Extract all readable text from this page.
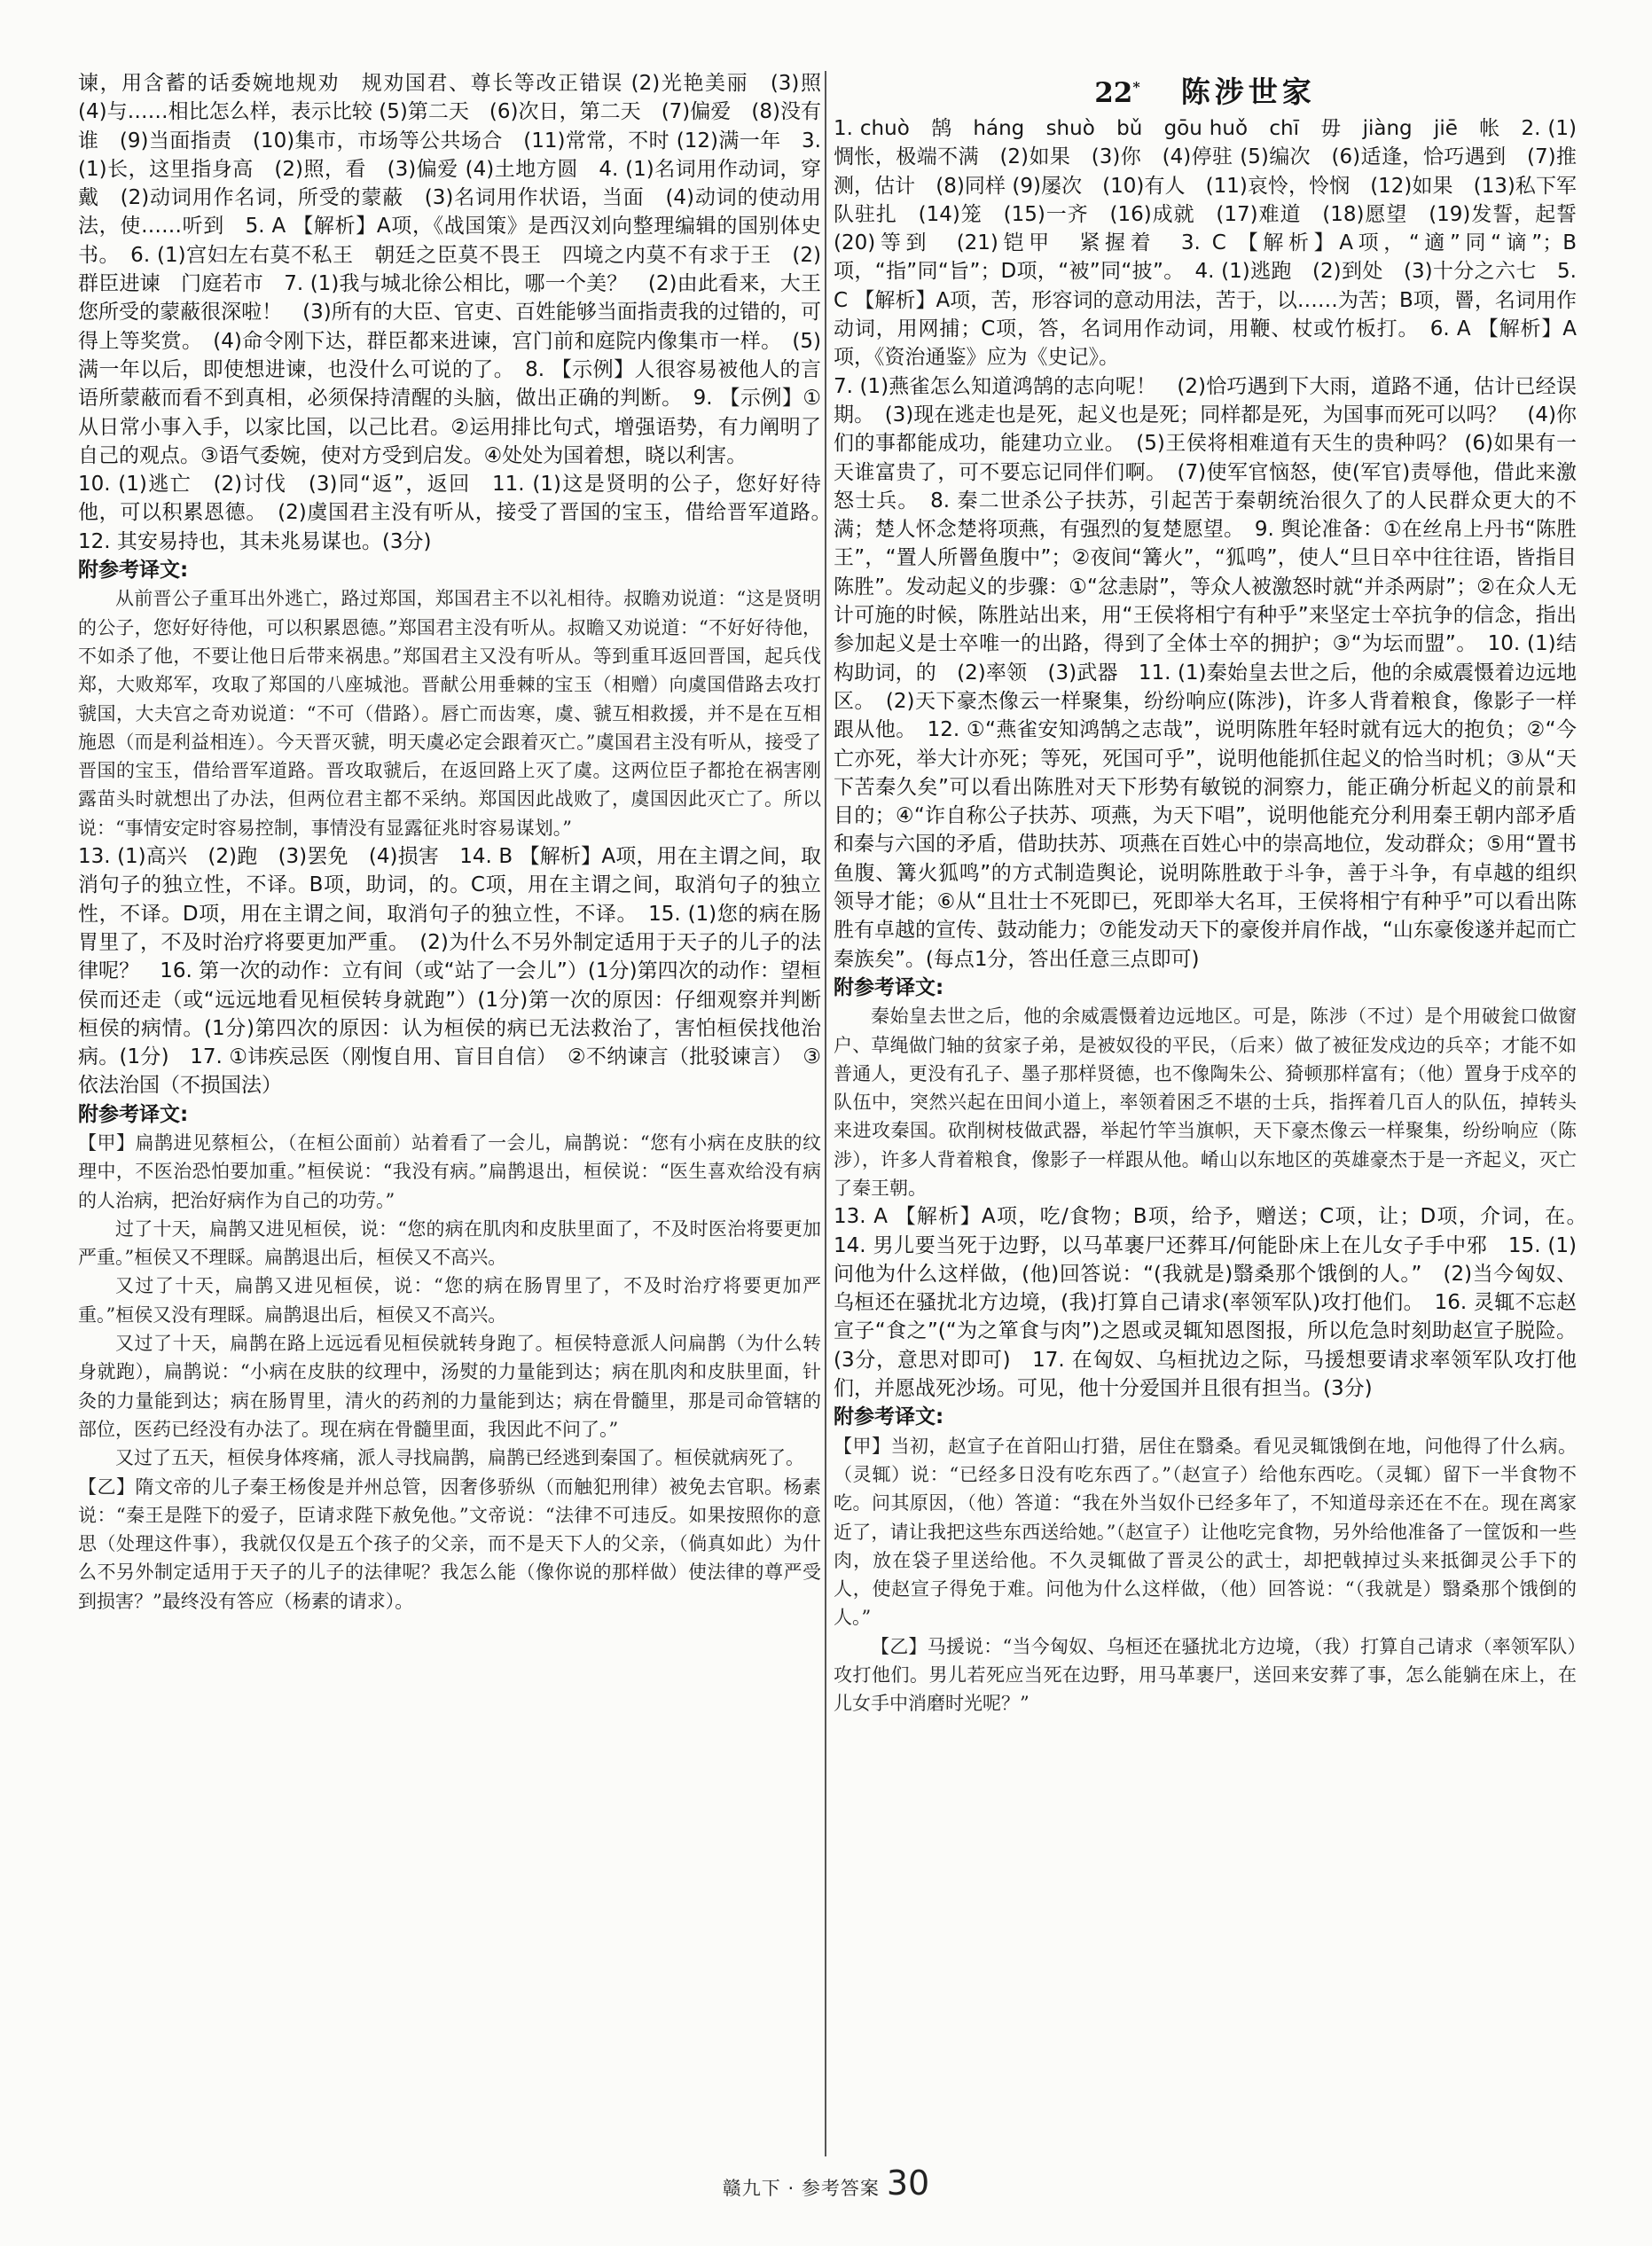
谏，用含蓄的话委婉地规劝　规劝国君、尊长等改正错误 (2)光艳美丽　(3)照　(4)与……相比怎么样，表示比较 (5)第二天　(6)次日，第二天　(7)偏爱　(8)没有谁　(9)当面指责　(10)集市，市场等公共场合　(11)常常，不时 (12)满一年　3. (1)长，这里指身高　(2)照，看　(3)偏爱 (4)土地方圆　4. (1)名词用作动词，穿戴　(2)动词用作名词，所受的蒙蔽　(3)名词用作状语，当面　(4)动词的使动用法，使……听到　5. A 【解析】A项，《战国策》是西汉刘向整理编辑的国别体史书。　6. (1)宫妇左右莫不私王　朝廷之臣莫不畏王　四境之内莫不有求于王　(2)群臣进谏　门庭若市　7. (1)我与城北徐公相比，哪一个美？　(2)由此看来，大王您所受的蒙蔽很深啦！　(3)所有的大臣、官吏、百姓能够当面指责我的过错的，可得上等奖赏。　(4)命令刚下达，群臣都来进谏，宫门前和庭院内像集市一样。　(5)满一年以后，即使想进谏，也没什么可说的了。　8. 【示例】人很容易被他人的言语所蒙蔽而看不到真相，必须保持清醒的头脑，做出正确的判断。　9. 【示例】①从日常小事入手，以家比国，以己比君。②运用排比句式，增强语势，有力阐明了自己的观点。③语气委婉，使对方受到启发。④处处为国着想，晓以利害。

10. (1)逃亡　(2)讨伐　(3)同“返”，返回　11. (1)这是贤明的公子，您好好待他，可以积累恩德。　(2)虞国君主没有听从，接受了晋国的宝玉，借给晋军道路。　12. 其安易持也，其未兆易谋也。(3分)

附参考译文:

从前晋公子重耳出外逃亡，路过郑国，郑国君主不以礼相待。叔瞻劝说道：“这是贤明的公子，您好好待他，可以积累恩德。”郑国君主没有听从。叔瞻又劝说道：“不好好待他，不如杀了他，不要让他日后带来祸患。”郑国君主又没有听从。等到重耳返回晋国，起兵伐郑，大败郑军，攻取了郑国的八座城池。晋献公用垂棘的宝玉（相赠）向虞国借路去攻打虢国，大夫宫之奇劝说道：“不可（借路）。唇亡而齿寒，虞、虢互相救援，并不是在互相施恩（而是利益相连）。今天晋灭虢，明天虞必定会跟着灭亡。”虞国君主没有听从，接受了晋国的宝玉，借给晋军道路。晋攻取虢后，在返回路上灭了虞。这两位臣子都抢在祸害刚露苗头时就想出了办法，但两位君主都不采纳。郑国因此战败了，虞国因此灭亡了。所以说：“事情安定时容易控制，事情没有显露征兆时容易谋划。”

13. (1)高兴　(2)跑　(3)罢免　(4)损害　14. B 【解析】A项，用在主谓之间，取消句子的独立性，不译。B项，助词，的。C项，用在主谓之间，取消句子的独立性，不译。D项，用在主谓之间，取消句子的独立性，不译。　15. (1)您的病在肠胃里了，不及时治疗将要更加严重。　(2)为什么不另外制定适用于天子的儿子的法律呢？　16. 第一次的动作：立有间（或“站了一会儿”）(1分)第四次的动作：望桓侯而还走（或“远远地看见桓侯转身就跑”）(1分)第一次的原因：仔细观察并判断桓侯的病情。(1分)第四次的原因：认为桓侯的病已无法救治了，害怕桓侯找他治病。(1分)　17. ①讳疾忌医（刚愎自用、盲目自信）　②不纳谏言（批驳谏言）　③依法治国（不损国法）

附参考译文:

【甲】扁鹊进见蔡桓公，（在桓公面前）站着看了一会儿，扁鹊说：“您有小病在皮肤的纹理中，不医治恐怕要加重。”桓侯说：“我没有病。”扁鹊退出，桓侯说：“医生喜欢给没有病的人治病，把治好病作为自己的功劳。”

过了十天，扁鹊又进见桓侯，说：“您的病在肌肉和皮肤里面了，不及时医治将要更加严重。”桓侯又不理睬。扁鹊退出后，桓侯又不高兴。

又过了十天，扁鹊又进见桓侯，说：“您的病在肠胃里了，不及时治疗将要更加严重。”桓侯又没有理睬。扁鹊退出后，桓侯又不高兴。

又过了十天，扁鹊在路上远远看见桓侯就转身跑了。桓侯特意派人问扁鹊（为什么转身就跑），扁鹊说：“小病在皮肤的纹理中，汤熨的力量能到达；病在肌肉和皮肤里面，针灸的力量能到达；病在肠胃里，清火的药剂的力量能到达；病在骨髓里，那是司命管辖的部位，医药已经没有办法了。现在病在骨髓里面，我因此不问了。”

又过了五天，桓侯身体疼痛，派人寻找扁鹊，扁鹊已经逃到秦国了。桓侯就病死了。

【乙】隋文帝的儿子秦王杨俊是并州总管，因奢侈骄纵（而触犯刑律）被免去官职。杨素说：“秦王是陛下的爱子，臣请求陛下赦免他。”文帝说：“法律不可违反。如果按照你的意思（处理这件事），我就仅仅是五个孩子的父亲，而不是天下人的父亲，（倘真如此）为什么不另外制定适用于天子的儿子的法律呢？我怎么能（像你说的那样做）使法律的尊严受到损害？”最终没有答应（杨素的请求）。

22* 陈涉世家

1. chuò　鹄　háng　shuò　bǔ　gōu huǒ　chī　毋　jiàng　jiē　帐　2. (1)惆怅，极端不满　(2)如果　(3)你　(4)停驻 (5)编次　(6)适逢，恰巧遇到　(7)推测，估计　(8)同样 (9)屡次　(10)有人　(11)哀怜，怜悯　(12)如果　(13)私下军队驻扎　(14)笼　(15)一齐　(16)成就　(17)难道　(18)愿望　(19)发誓，起誓　(20)等到　(21)铠甲　紧握着　3. C 【解析】A项，“適”同“谪”；B项，“指”同“旨”；D项，“被”同“披”。　4. (1)逃跑　(2)到处　(3)十分之六七　5. C 【解析】A项，苦，形容词的意动用法，苦于，以……为苦；B项，罾，名词用作动词，用网捕；C项，答，名词用作动词，用鞭、杖或竹板打。　6. A 【解析】A项，《资治通鉴》应为《史记》。

7. (1)燕雀怎么知道鸿鹄的志向呢！　(2)恰巧遇到下大雨，道路不通，估计已经误期。　(3)现在逃走也是死，起义也是死；同样都是死，为国事而死可以吗？　(4)你们的事都能成功，能建功立业。　(5)王侯将相难道有天生的贵种吗？ (6)如果有一天谁富贵了，可不要忘记同伴们啊。　(7)使军官恼怒，使(军官)责辱他，借此来激怒士兵。　8. 秦二世杀公子扶苏，引起苦于秦朝统治很久了的人民群众更大的不满；楚人怀念楚将项燕，有强烈的复楚愿望。　9. 舆论准备：①在丝帛上丹书“陈胜王”，“置人所罾鱼腹中”；②夜间“篝火”，“狐鸣”，使人“旦日卒中往往语，皆指目陈胜”。发动起义的步骤：①“忿恚尉”，等众人被激怒时就“并杀两尉”；②在众人无计可施的时候，陈胜站出来，用“王侯将相宁有种乎”来坚定士卒抗争的信念，指出参加起义是士卒唯一的出路，得到了全体士卒的拥护；③“为坛而盟”。　10. (1)结构助词，的　(2)率领　(3)武器　11. (1)秦始皇去世之后，他的余威震慑着边远地区。　(2)天下豪杰像云一样聚集，纷纷响应(陈涉)，许多人背着粮食，像影子一样跟从他。　12. ①“燕雀安知鸿鹄之志哉”，说明陈胜年轻时就有远大的抱负；②“今亡亦死，举大计亦死；等死，死国可乎”，说明他能抓住起义的恰当时机；③从“天下苦秦久矣”可以看出陈胜对天下形势有敏锐的洞察力，能正确分析起义的前景和目的；④“诈自称公子扶苏、项燕，为天下唱”，说明他能充分利用秦王朝内部矛盾和秦与六国的矛盾，借助扶苏、项燕在百姓心中的崇高地位，发动群众；⑤用“置书鱼腹、篝火狐鸣”的方式制造舆论，说明陈胜敢于斗争，善于斗争，有卓越的组织领导才能；⑥从“且壮士不死即已，死即举大名耳，王侯将相宁有种乎”可以看出陈胜有卓越的宣传、鼓动能力；⑦能发动天下的豪俊并肩作战，“山东豪俊遂并起而亡秦族矣”。(每点1分，答出任意三点即可)

附参考译文:

秦始皇去世之后，他的余威震慑着边远地区。可是，陈涉（不过）是个用破瓮口做窗户、草绳做门轴的贫家子弟，是被奴役的平民，（后来）做了被征发戍边的兵卒；才能不如普通人，更没有孔子、墨子那样贤德，也不像陶朱公、猗顿那样富有；（他）置身于戍卒的队伍中，突然兴起在田间小道上，率领着困乏不堪的士兵，指挥着几百人的队伍，掉转头来进攻秦国。砍削树枝做武器，举起竹竿当旗帜，天下豪杰像云一样聚集，纷纷响应（陈涉），许多人背着粮食，像影子一样跟从他。崤山以东地区的英雄豪杰于是一齐起义，灭亡了秦王朝。

13. A 【解析】A项，吃/食物；B项，给予，赠送；C项，让；D项，介词，在。　14. 男儿要当死于边野，以马革裹尸还葬耳/何能卧床上在儿女子手中邪　15. (1)问他为什么这样做，(他)回答说：“(我就是)翳桑那个饿倒的人。”　(2)当今匈奴、乌桓还在骚扰北方边境，(我)打算自己请求(率领军队)攻打他们。　16. 灵辄不忘赵宣子“食之”(“为之箪食与肉”)之恩或灵辄知恩图报，所以危急时刻助赵宣子脱险。(3分，意思对即可)　17. 在匈奴、乌桓扰边之际，马援想要请求率领军队攻打他们，并愿战死沙场。可见，他十分爱国并且很有担当。(3分)

附参考译文:

【甲】当初，赵宣子在首阳山打猎，居住在翳桑。看见灵辄饿倒在地，问他得了什么病。（灵辄）说：“已经多日没有吃东西了。”（赵宣子）给他东西吃。（灵辄）留下一半食物不吃。问其原因，（他）答道：“我在外当奴仆已经多年了，不知道母亲还在不在。现在离家近了，请让我把这些东西送给她。”（赵宣子）让他吃完食物，另外给他准备了一筐饭和一些肉，放在袋子里送给他。不久灵辄做了晋灵公的武士，却把戟掉过头来抵御灵公手下的人，使赵宣子得免于难。问他为什么这样做，（他）回答说：“（我就是）翳桑那个饿倒的人。”

【乙】马援说：“当今匈奴、乌桓还在骚扰北方边境，（我）打算自己请求（率领军队）攻打他们。男儿若死应当死在边野，用马革裹尸，送回来安葬了事，怎么能躺在床上，在儿女手中消磨时光呢？”

赣九下 · 参考答案 30
